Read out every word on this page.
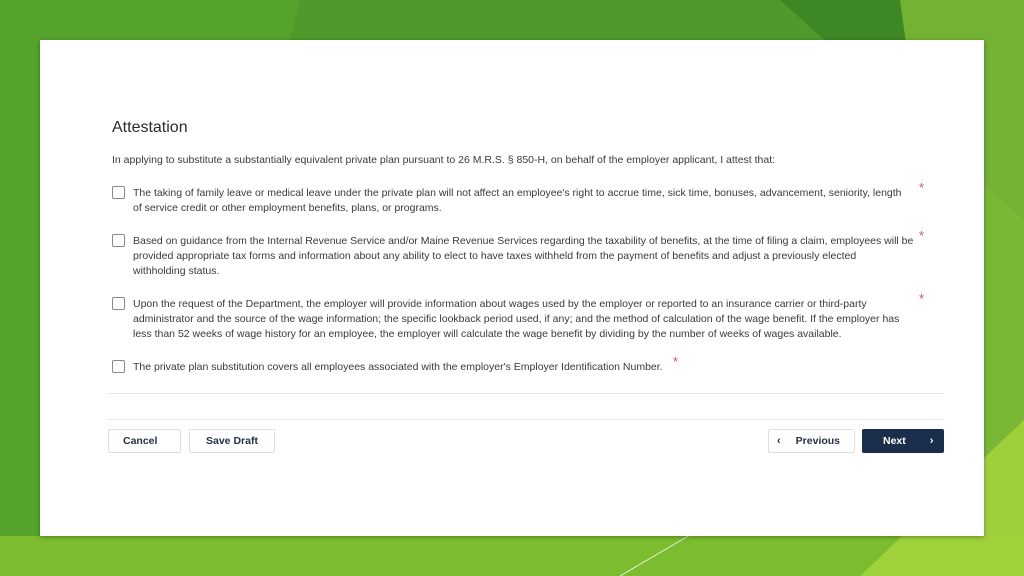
Attestation

In applying to substitute a substantially equivalent private plan pursuant to 26 M.R.S. § 850-H, on behalf of the employer applicant, I attest that:

The taking of family leave or medical leave under the private plan will not affect an employee's right to accrue time, sick time, bonuses, advancement, seniority, length
of service credit or other employment benefits, plans, or programs.
*
Based on guidance from the Internal Revenue Service and/or Maine Revenue Services regarding the taxability of benefits, at the time of filing a claim, employees will be
provided appropriate tax forms and information about any ability to elect to have taxes withheld from the payment of benefits and adjust a previously elected
withholding status.
*
Upon the request of the Department, the employer will provide information about wages used by the employer or reported to an insurance carrier or third-party
administrator and the source of the wage information; the specific lookback period used, if any; and the method of calculation of the wage benefit. If the employer has
less than 52 weeks of wage history for an employee, the employer will calculate the wage benefit by dividing by the number of weeks of wages available.
*
The private plan substitution covers all employees associated with the employer's Employer Identification Number. *
Cancel	Save Draft	‹ Previous	Next ›
